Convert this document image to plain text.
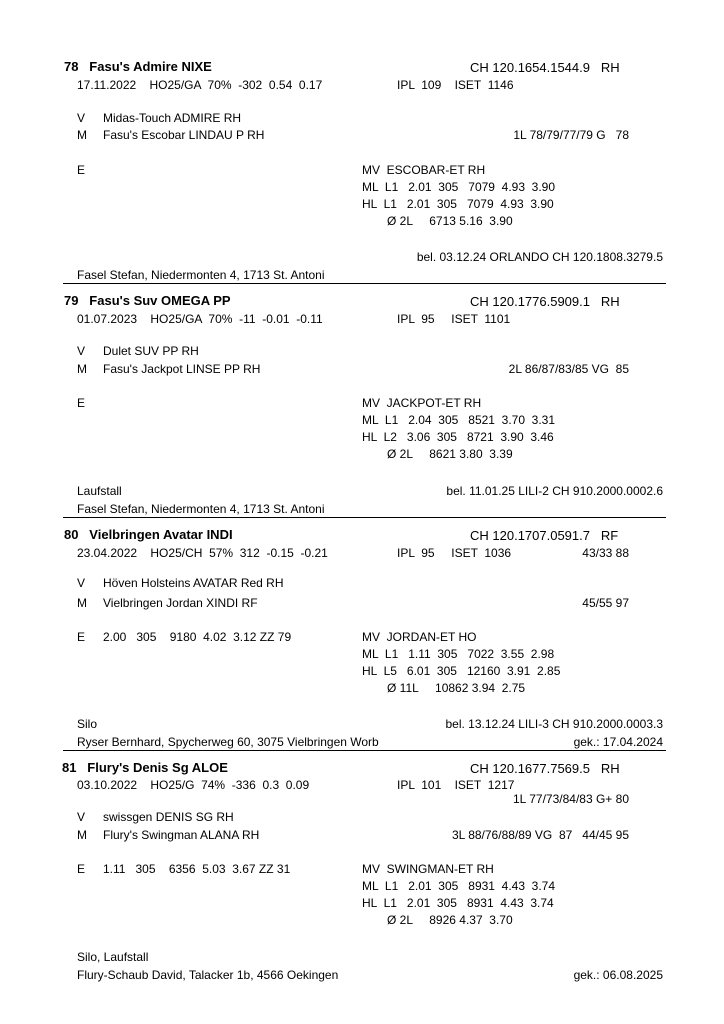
78   Fasu's Admire NIXE	CH 120.1654.1544.9   RH
17.11.2022    HO25/GA  70%  -302  0.54  0.17	IPL  109    ISET  1146
V Midas-Touch ADMIRE RH
M Fasu's Escobar LINDAU P RH	1L 78/79/77/79 G   78
E	MV  ESCOBAR-ET RH
ML  L1   2.01  305   7079  4.93  3.90
HL  L1   2.01  305   7079  4.93  3.90
Ø 2L     6713 5.16  3.90
bel. 03.12.24 ORLANDO CH 120.1808.3279.5
Fasel Stefan, Niedermonten 4, 1713 St. Antoni
79   Fasu's Suv OMEGA PP	CH 120.1776.5909.1   RH
01.07.2023    HO25/GA  70%  -11  -0.01  -0.11	IPL  95     ISET  1101
V Dulet SUV PP RH
M Fasu's Jackpot LINSE PP RH	2L 86/87/83/85 VG  85
E	MV  JACKPOT-ET RH
ML  L1   2.04  305   8521  3.70  3.31
HL  L2   3.06  305   8721  3.90  3.46
Ø 2L     8621 3.80  3.39
Laufstall	bel. 11.01.25 LILI-2 CH 910.2000.0002.6
Fasel Stefan, Niedermonten 4, 1713 St. Antoni
80   Vielbringen Avatar INDI	CH 120.1707.0591.7   RF
23.04.2022    HO25/CH  57%  312  -0.15  -0.21	IPL  95     ISET  1036	43/33 88
V Höven Holsteins AVATAR Red RH
M Vielbringen Jordan XINDI RF	45/55 97
E 2.00   305    9180  4.02  3.12 ZZ 79	MV  JORDAN-ET HO
ML  L1   1.11  305   7022  3.55  2.98
HL  L5   6.01  305   12160  3.91  2.85
Ø 11L     10862 3.94  2.75
Silo	bel. 13.12.24 LILI-3 CH 910.2000.0003.3
Ryser Bernhard, Spycherweg 60, 3075 Vielbringen Worb	gek.: 17.04.2024
81   Flury's Denis Sg ALOE	CH 120.1677.7569.5   RH
03.10.2022    HO25/G  74%  -336  0.3  0.09	IPL  101    ISET  1217
1L 77/73/84/83 G+ 80
V swissgen DENIS SG RH
M Flury's Swingman ALANA RH	3L 88/76/88/89 VG  87   44/45 95
E 1.11   305    6356  5.03  3.67 ZZ 31	MV  SWINGMAN-ET RH
ML  L1   2.01  305   8931  4.43  3.74
HL  L1   2.01  305   8931  4.43  3.74
Ø 2L     8926 4.37  3.70
Silo, Laufstall
Flury-Schaub David, Talacker 1b, 4566 Oekingen	gek.: 06.08.2025
